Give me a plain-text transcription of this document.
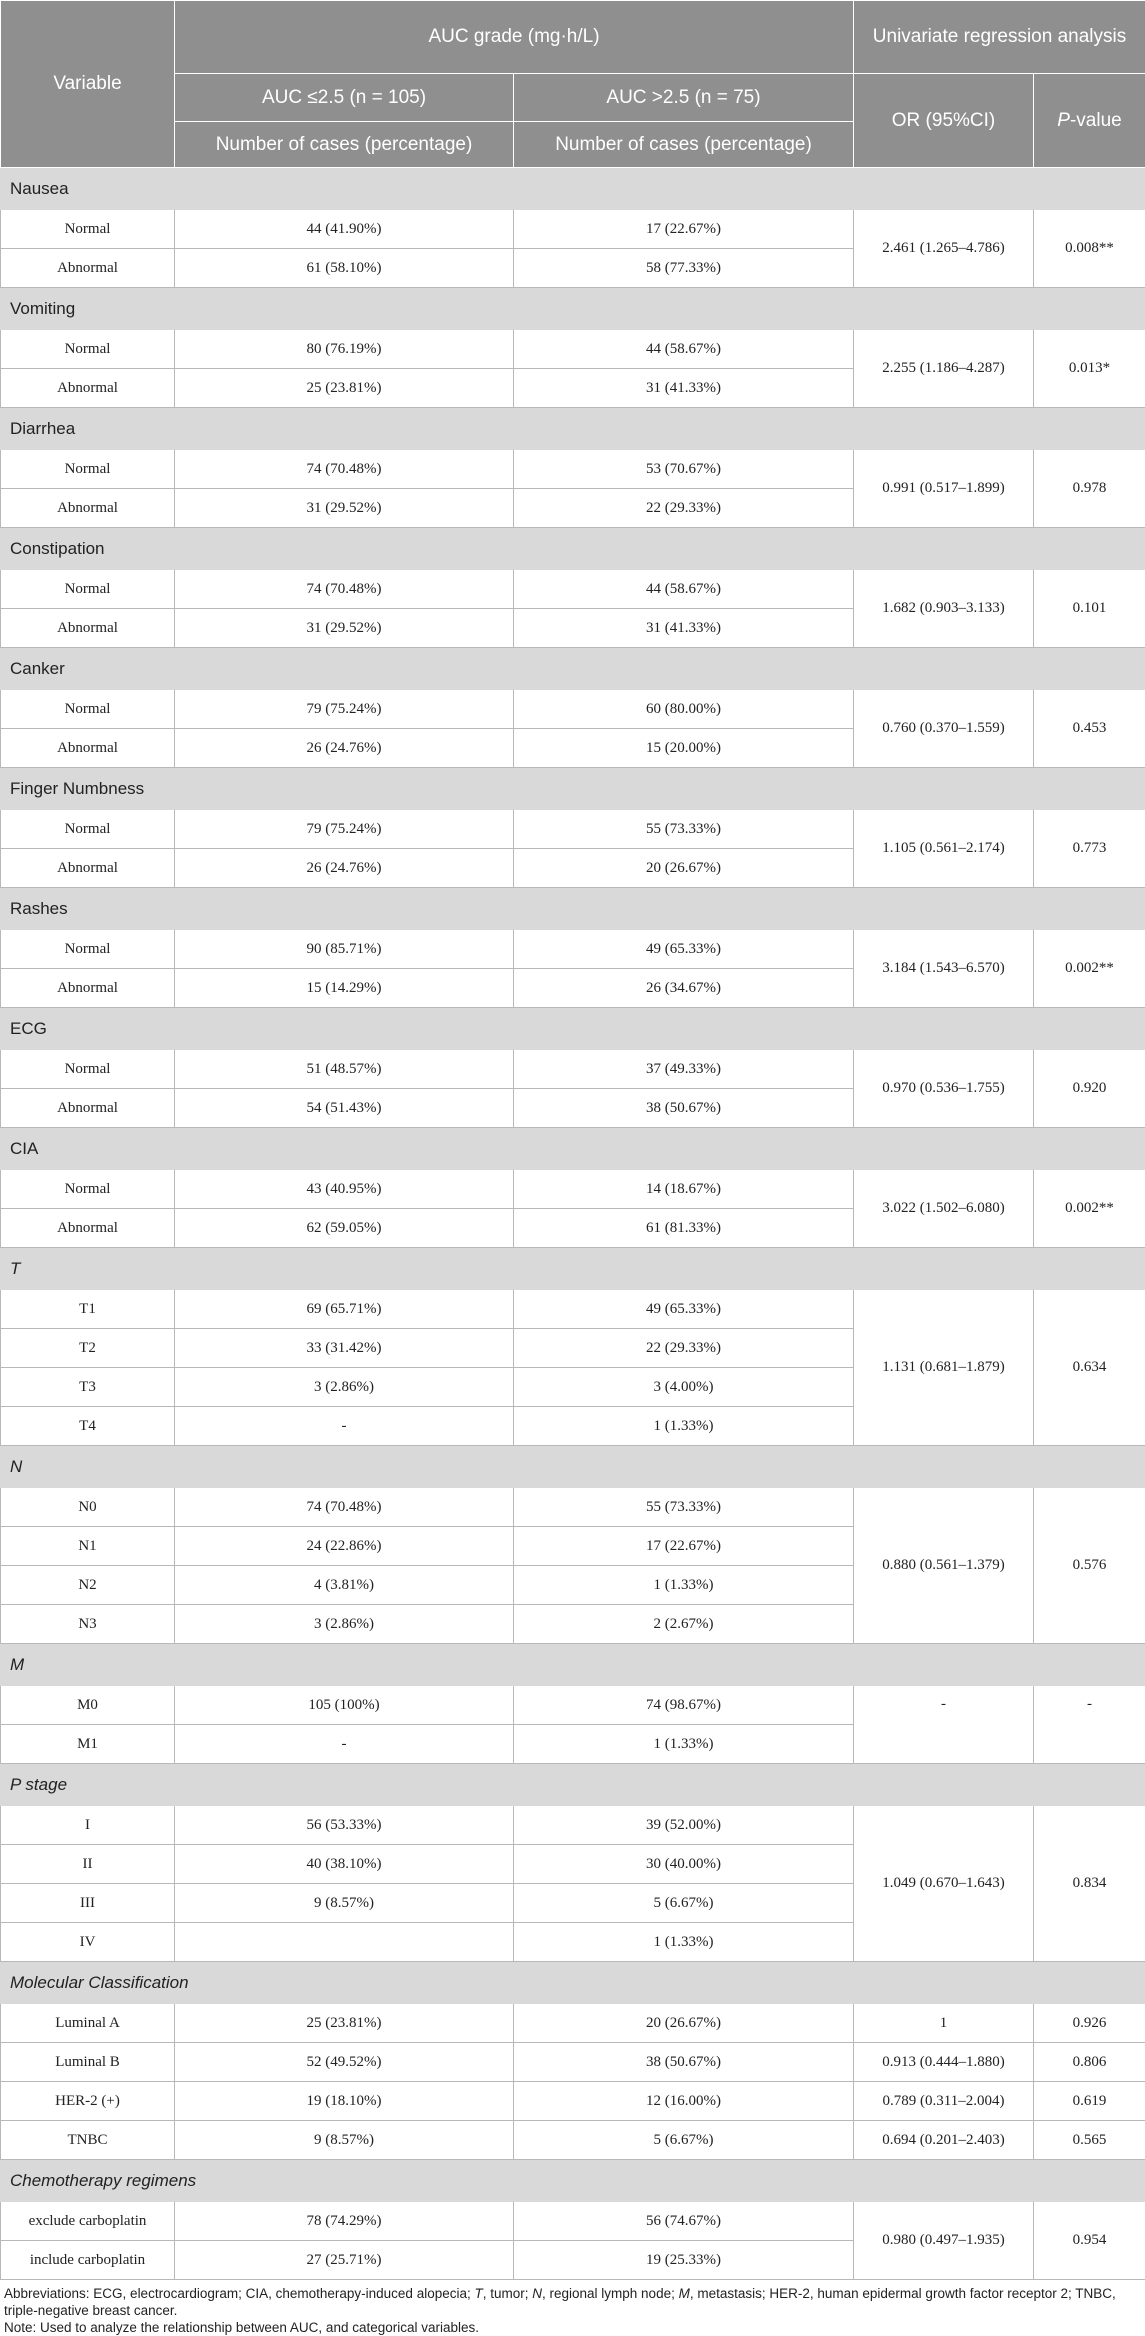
Variable	AUC grade (mg·h/L)		Univariate regression analysis	
	AUC ≤2.5 (n = 105)	AUC >2.5 (n = 75)	OR (95%CI)	P-value
	Number of cases (percentage)	Number of cases (percentage)		
Nausea				
Normal	44 (41.90%)	17 (22.67%)	2.461 (1.265–4.786)	0.008**
Abnormal	61 (58.10%)	58 (77.33%)		
Vomiting				
Normal	80 (76.19%)	44 (58.67%)	2.255 (1.186–4.287)	0.013*
Abnormal	25 (23.81%)	31 (41.33%)		
Diarrhea				
Normal	74 (70.48%)	53 (70.67%)	0.991 (0.517–1.899)	0.978
Abnormal	31 (29.52%)	22 (29.33%)		
Constipation				
Normal	74 (70.48%)	44 (58.67%)	1.682 (0.903–3.133)	0.101
Abnormal	31 (29.52%)	31 (41.33%)		
Canker				
Normal	79 (75.24%)	60 (80.00%)	0.760 (0.370–1.559)	0.453
Abnormal	26 (24.76%)	15 (20.00%)		
Finger Numbness				
Normal	79 (75.24%)	55 (73.33%)	1.105 (0.561–2.174)	0.773
Abnormal	26 (24.76%)	20 (26.67%)		
Rashes				
Normal	90 (85.71%)	49 (65.33%)	3.184 (1.543–6.570)	0.002**
Abnormal	15 (14.29%)	26 (34.67%)		
ECG				
Normal	51 (48.57%)	37 (49.33%)	0.970 (0.536–1.755)	0.920
Abnormal	54 (51.43%)	38 (50.67%)		
CIA				
Normal	43 (40.95%)	14 (18.67%)	3.022 (1.502–6.080)	0.002**
Abnormal	62 (59.05%)	61 (81.33%)		
T				
T1	69 (65.71%)	49 (65.33%)	1.131 (0.681–1.879)	0.634
T2	33 (31.42%)	22 (29.33%)		
T3	3 (2.86%)	3 (4.00%)		
T4	-	1 (1.33%)		
N				
N0	74 (70.48%)	55 (73.33%)	0.880 (0.561–1.379)	0.576
N1	24 (22.86%)	17 (22.67%)		
N2	4 (3.81%)	1 (1.33%)		
N3	3 (2.86%)	2 (2.67%)		
M				
M0	105 (100%)	74 (98.67%)	-	-
M1	-	1 (1.33%)		
P stage				
I	56 (53.33%)	39 (52.00%)	1.049 (0.670–1.643)	0.834
II	40 (38.10%)	30 (40.00%)		
III	9 (8.57%)	5 (6.67%)		
IV		1 (1.33%)		
Molecular Classification				
Luminal A	25 (23.81%)	20 (26.67%)	1	0.926
Luminal B	52 (49.52%)	38 (50.67%)	0.913 (0.444–1.880)	0.806
HER-2 (+)	19 (18.10%)	12 (16.00%)	0.789 (0.311–2.004)	0.619
TNBC	9 (8.57%)	5 (6.67%)	0.694 (0.201–2.403)	0.565
Chemotherapy regimens				
exclude carboplatin	78 (74.29%)	56 (74.67%)	0.980 (0.497–1.935)	0.954
include carboplatin	27 (25.71%)	19 (25.33%)		

Abbreviations: ECG, electrocardiogram; CIA, chemotherapy-induced alopecia; T, tumor; N, regional lymph node; M, metastasis; HER-2, human epidermal growth factor receptor 2; TNBC, triple-negative breast cancer.

Note: Used to analyze the relationship between AUC, and categorical variables.
